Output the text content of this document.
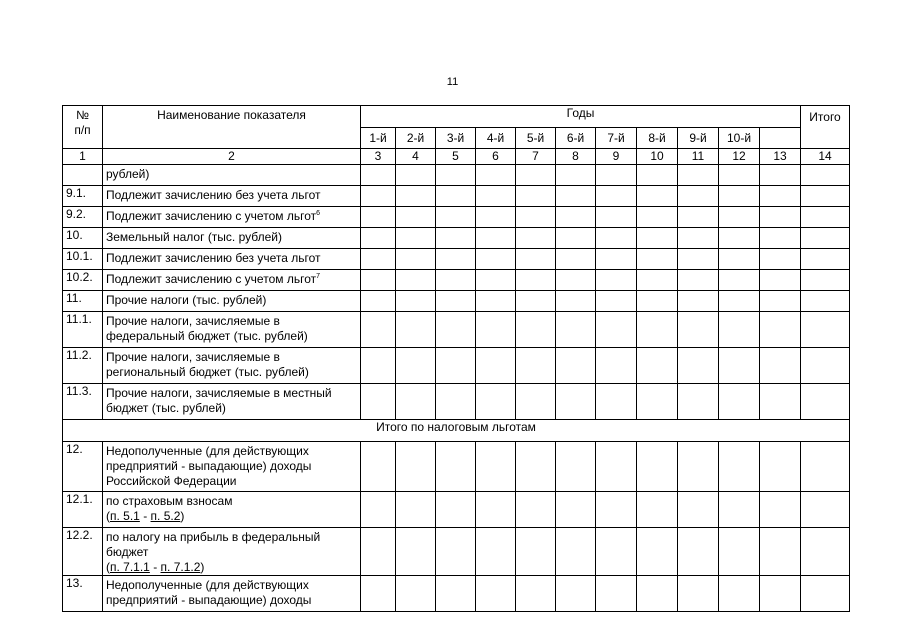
11
№
п/п	Наименование показателя	Годы											Итого
		1-й	2-й	3-й	4-й	5-й	6-й	7-й	8-й	9-й	10-й		
1	2	3	4	5	6	7	8	9	10	11	12	13	14
	рублей)												
9.1.	Подлежит зачислению без учета льгот												
9.2.	Подлежит зачислению с учетом льгот$^6$												
10.	Земельный налог (тыс. рублей)												
10.1.	Подлежит зачислению без учета льгот												
10.2.	Подлежит зачислению с учетом льгот$^7$												
11.	Прочие налоги (тыс. рублей)												
11.1.	Прочие налоги, зачисляемые в федеральный бюджет (тыс. рублей)												
11.2.	Прочие налоги, зачисляемые в региональный бюджет (тыс. рублей)												
11.3.	Прочие налоги, зачисляемые в местный бюджет (тыс. рублей)												
Итого по налоговым льготам													
12.	Недополученные (для действующих предприятий - выпадающие) доходы Российской Федерации												
12.1.	по страховым взносам
(п. 5.1 - п. 5.2)												
12.2.	по налогу на прибыль в федеральный бюджет
(п. 7.1.1 - п. 7.1.2)												
13.	Недополученные (для действующих предприятий - выпадающие) доходы												
